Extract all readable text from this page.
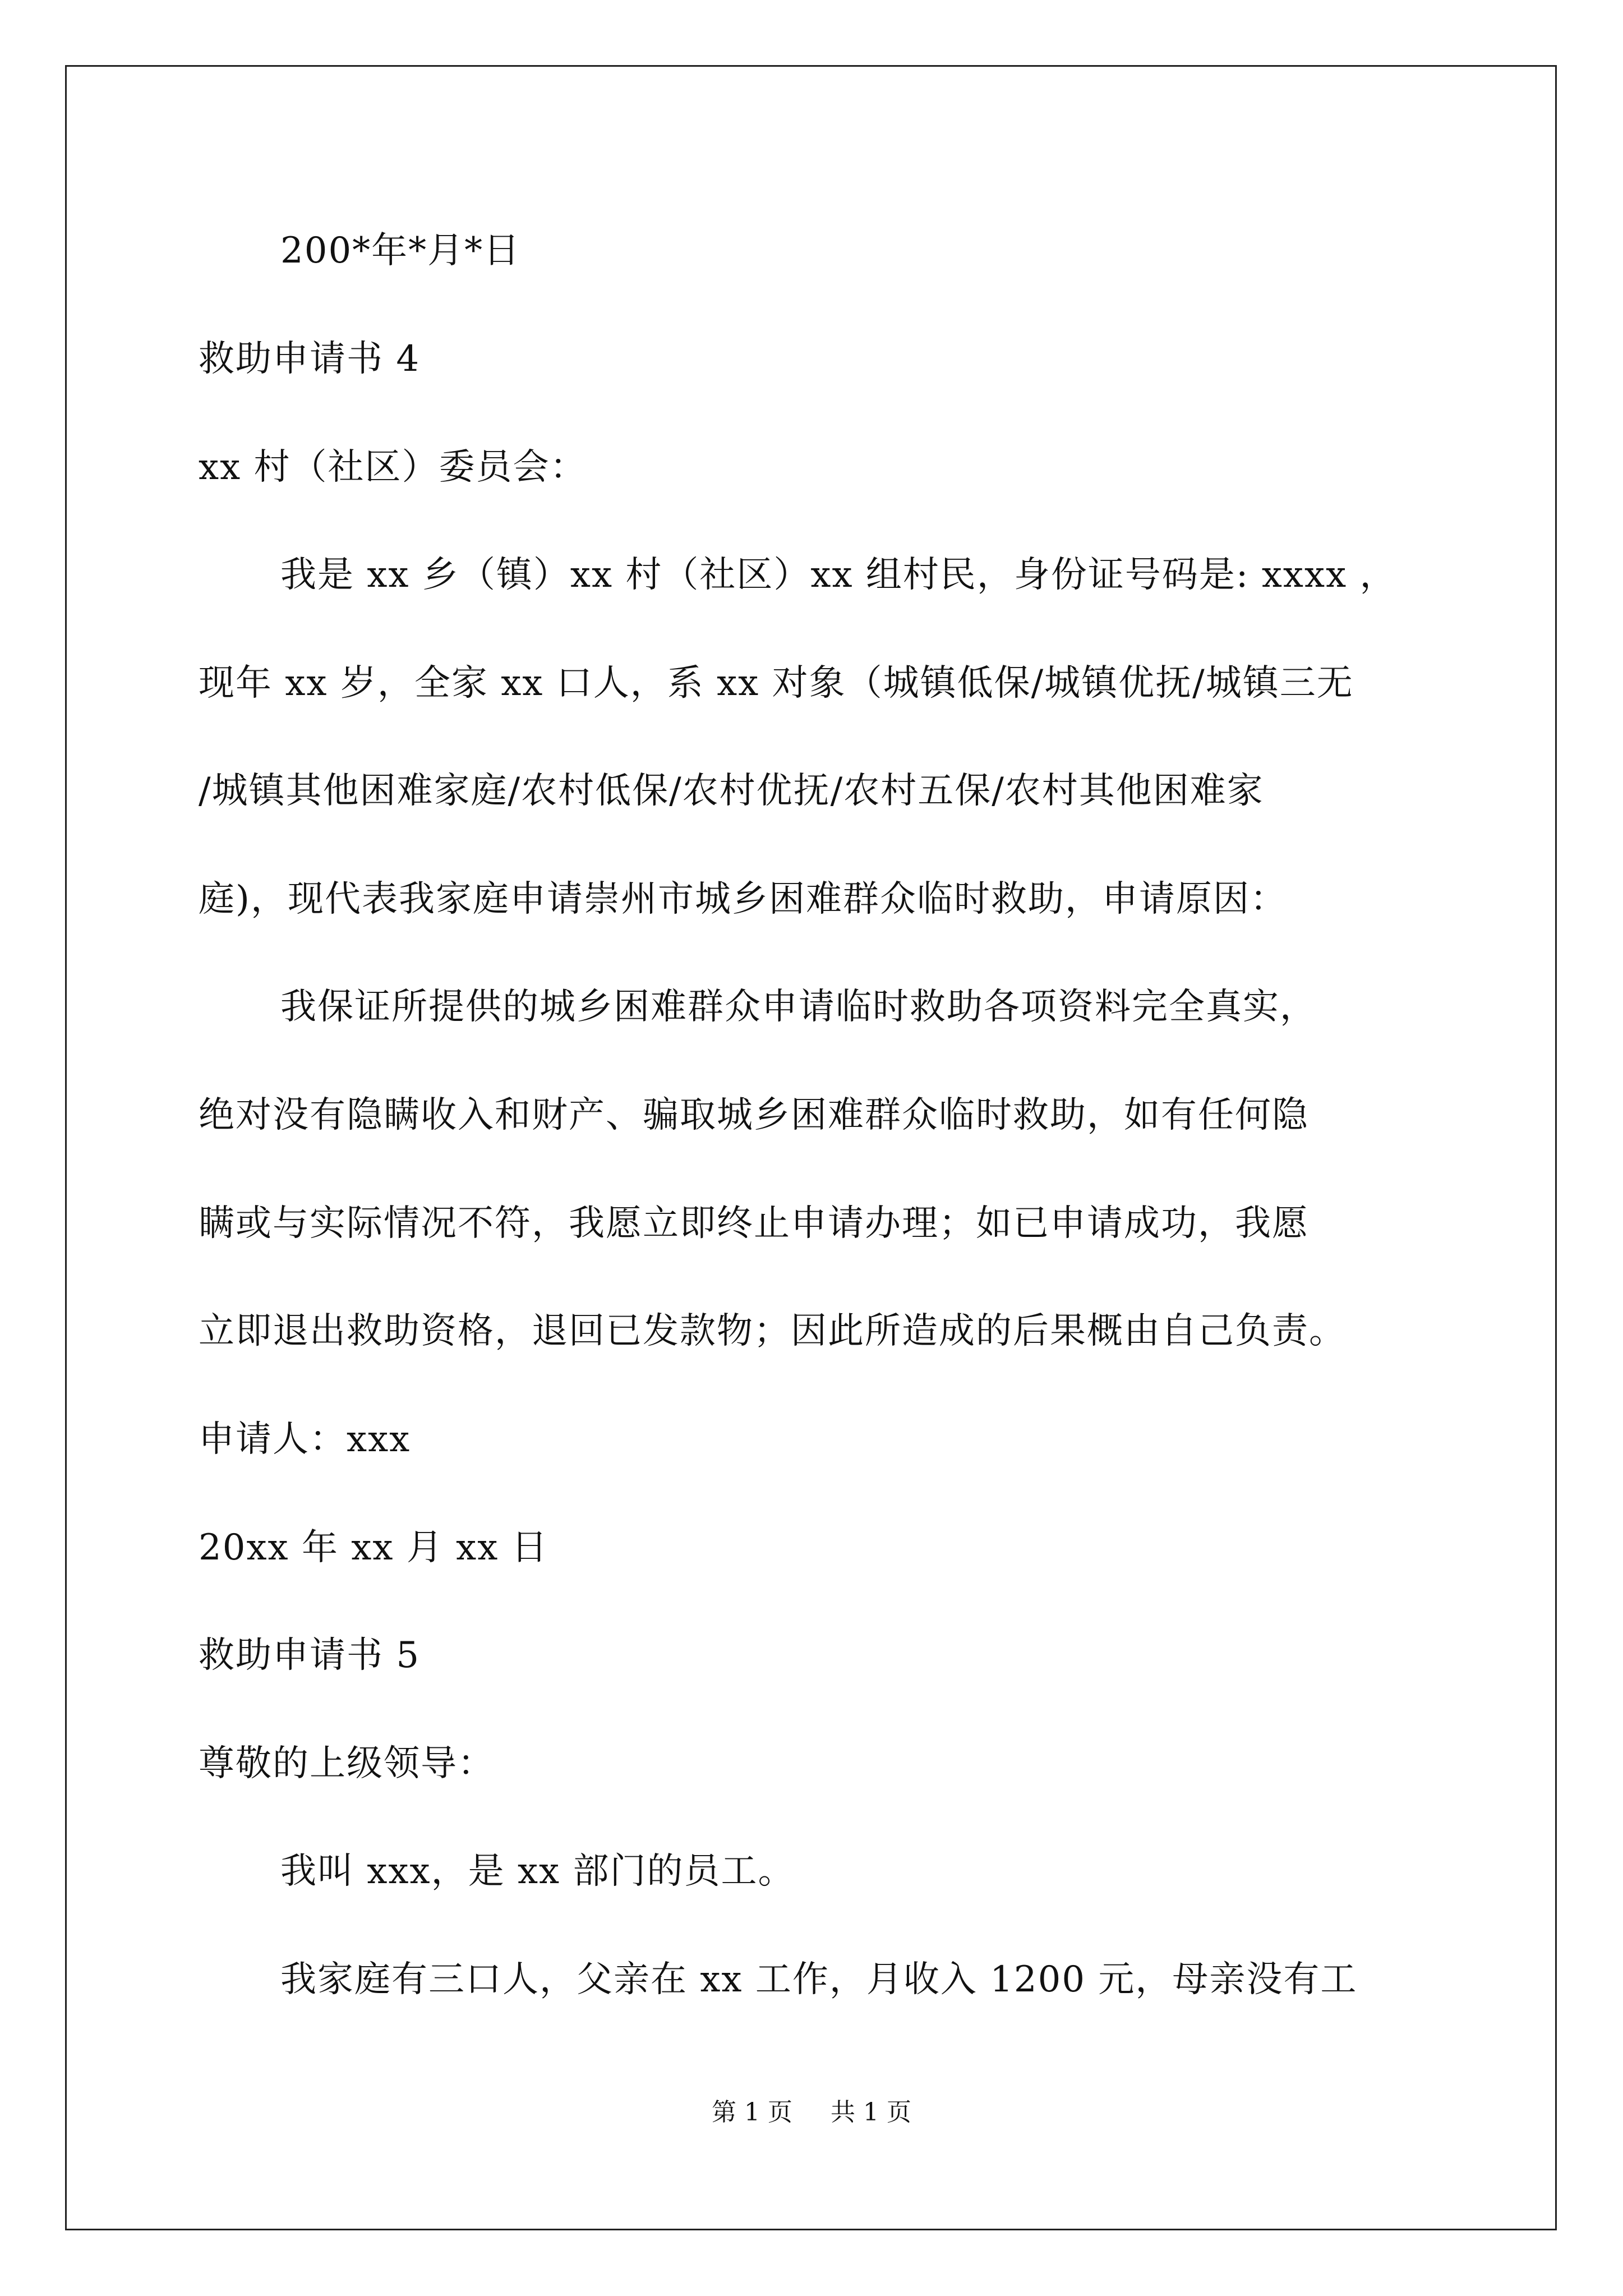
200*年*月*日

救助申请书 4

xx 村（社区）委员会：

我是 xx 乡（镇）xx 村（社区）xx 组村民，身份证号码是: xxxx ，

现年 xx 岁，全家 xx 口人，系 xx 对象（城镇低保/城镇优抚/城镇三无

/城镇其他困难家庭/农村低保/农村优抚/农村五保/农村其他困难家

庭)，现代表我家庭申请崇州市城乡困难群众临时救助，申请原因：

我保证所提供的城乡困难群众申请临时救助各项资料完全真实，

绝对没有隐瞒收入和财产、骗取城乡困难群众临时救助，如有任何隐

瞒或与实际情况不符，我愿立即终止申请办理；如已申请成功，我愿

立即退出救助资格，退回已发款物；因此所造成的后果概由自己负责。

申请人：xxx

20xx 年 xx 月 xx 日

救助申请书 5

尊敬的上级领导：

我叫 xxx，是 xx 部门的员工。

我家庭有三口人，父亲在 xx 工作，月收入 1200 元，母亲没有工

第 1 页 共 1 页
